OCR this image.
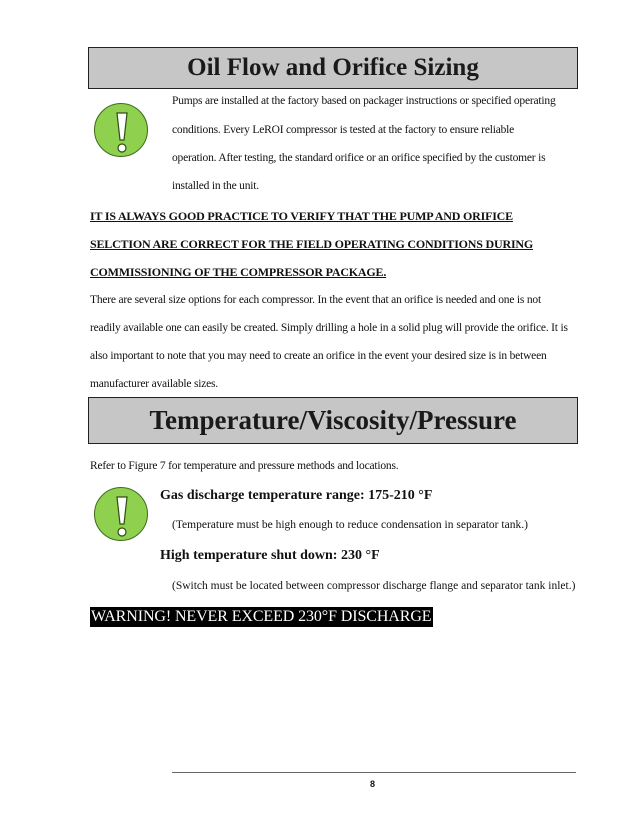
Oil Flow and Orifice Sizing
Pumps are installed at the factory based on packager instructions or specified operating
conditions. Every LeROI compressor is tested at the factory to ensure reliable
operation. After testing, the standard orifice or an orifice specified by the customer is
installed in the unit.
IT IS ALWAYS GOOD PRACTICE TO VERIFY THAT THE PUMP AND ORIFICE
SELCTION ARE CORRECT FOR THE FIELD OPERATING CONDITIONS DURING
COMMISSIONING OF THE COMPRESSOR PACKAGE.
There are several size options for each compressor. In the event that an orifice is needed and one is not
readily available one can easily be created. Simply drilling a hole in a solid plug will provide the orifice. It is
also important to note that you may need to create an orifice in the event your desired size is in between
manufacturer available sizes.
Temperature/Viscosity/Pressure
Refer to Figure 7 for temperature and pressure methods and locations.
Gas discharge temperature range: 175-210 °F
(Temperature must be high enough to reduce condensation in separator tank.)
High temperature shut down: 230 °F
(Switch must be located between compressor discharge flange and separator tank inlet.)
WARNING! NEVER EXCEED 230°F DISCHARGE
8
